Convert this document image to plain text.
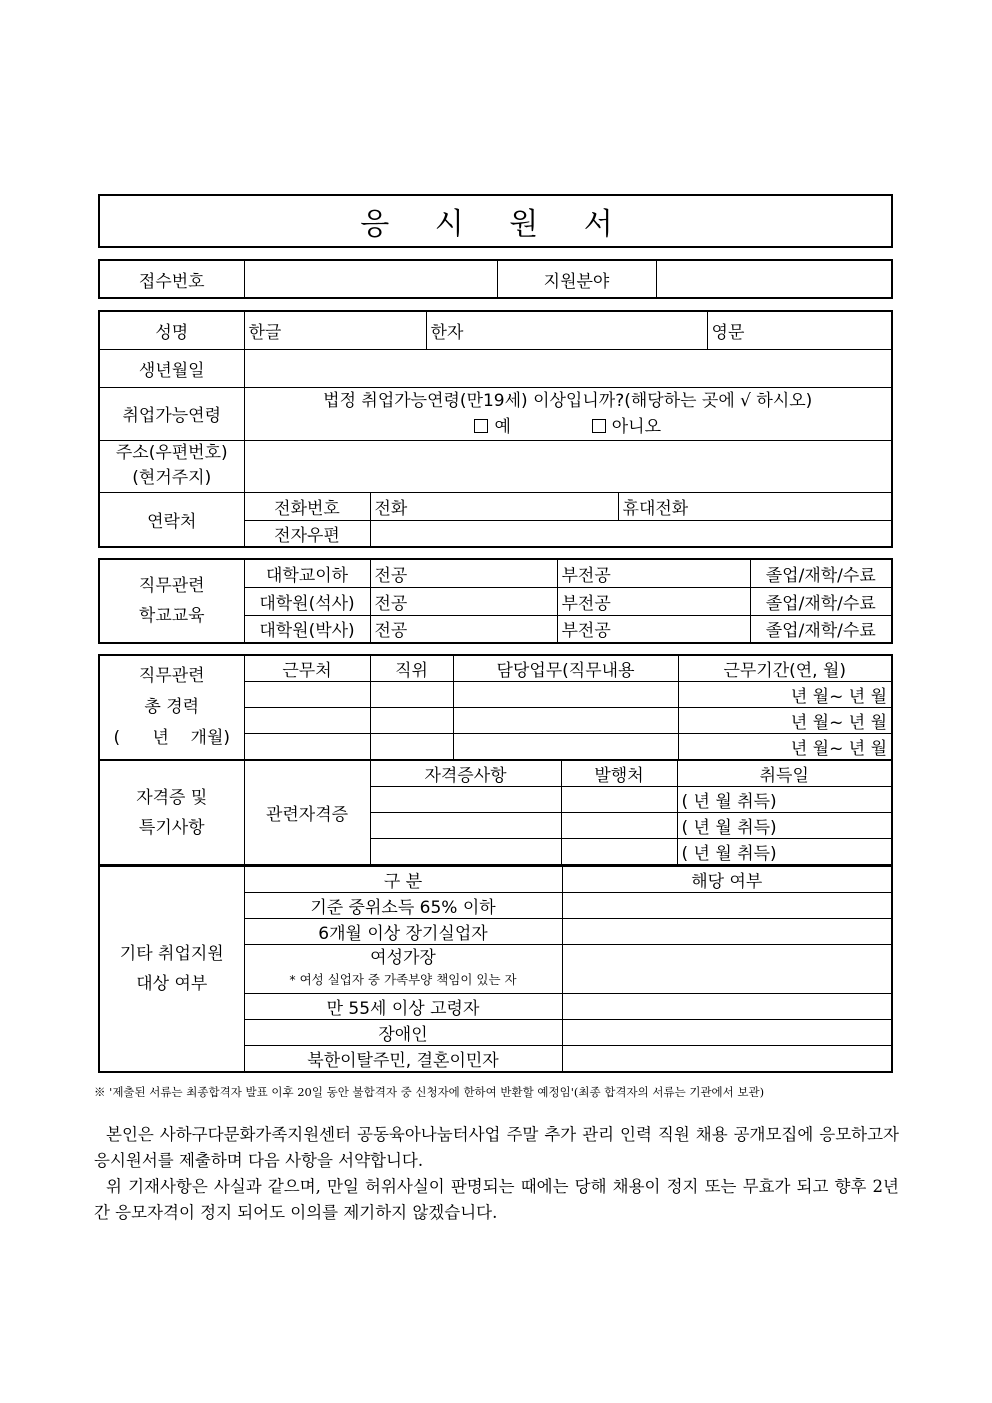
응 시 원 서
접수번호		지원분야	
성명	한글		한자		영문
생년월일					
취업가능연령	법정 취업가능연령(만19세) 이상입니까?(해당하는 곳에 √ 하시오)
예 아니오				

주소(우편번호)
(현거주지)					

연락처	전화번호	전화		휴대전화	
	전자우편				
직무관련
학교교육	대학교이하	전공	부전공	졸업/재학/수료
	대학원(석사)	전공	부전공	졸업/재학/수료
	대학원(박사)	전공	부전공	졸업/재학/수료
직무관련
총 경력
(      년    개월)	근무처	직위	담당업무(직무내용	근무기간(연, 월)
				년 월~ 년 월
				년 월~ 년 월
				년 월~ 년 월
자격증 및
특기사항	관련자격증	자격증사항	발행처	취득일
				( 년 월 취득)
				( 년 월 취득)
				( 년 월 취득)
기타 취업지원
대상 여부	구 분	해당 여부
	기준 중위소득 65% 이하	
	6개월 이상 장기실업자	

	여성가장
* 여성 실업자 중 가족부양 책임이 있는 자	

	만 55세 이상 고령자	
	장애인	
	북한이탈주민, 결혼이민자	
※ '제출된 서류는 최종합격자 발표 이후 20일 동안 불합격자 중 신청자에 한하여 반환할 예정임'(최종 합격자의 서류는 기관에서 보관)

본인은 사하구다문화가족지원센터 공동육아나눔터사업 주말 추가 관리 인력 직원 채용 공개모집에 응모하고자 응시원서를 제출하며 다음 사항을 서약합니다.

위 기재사항은 사실과 같으며, 만일 허위사실이 판명되는 때에는 당해 채용이 정지 또는 무효가 되고 향후 2년간 응모자격이 정지 되어도 이의를 제기하지 않겠습니다.
